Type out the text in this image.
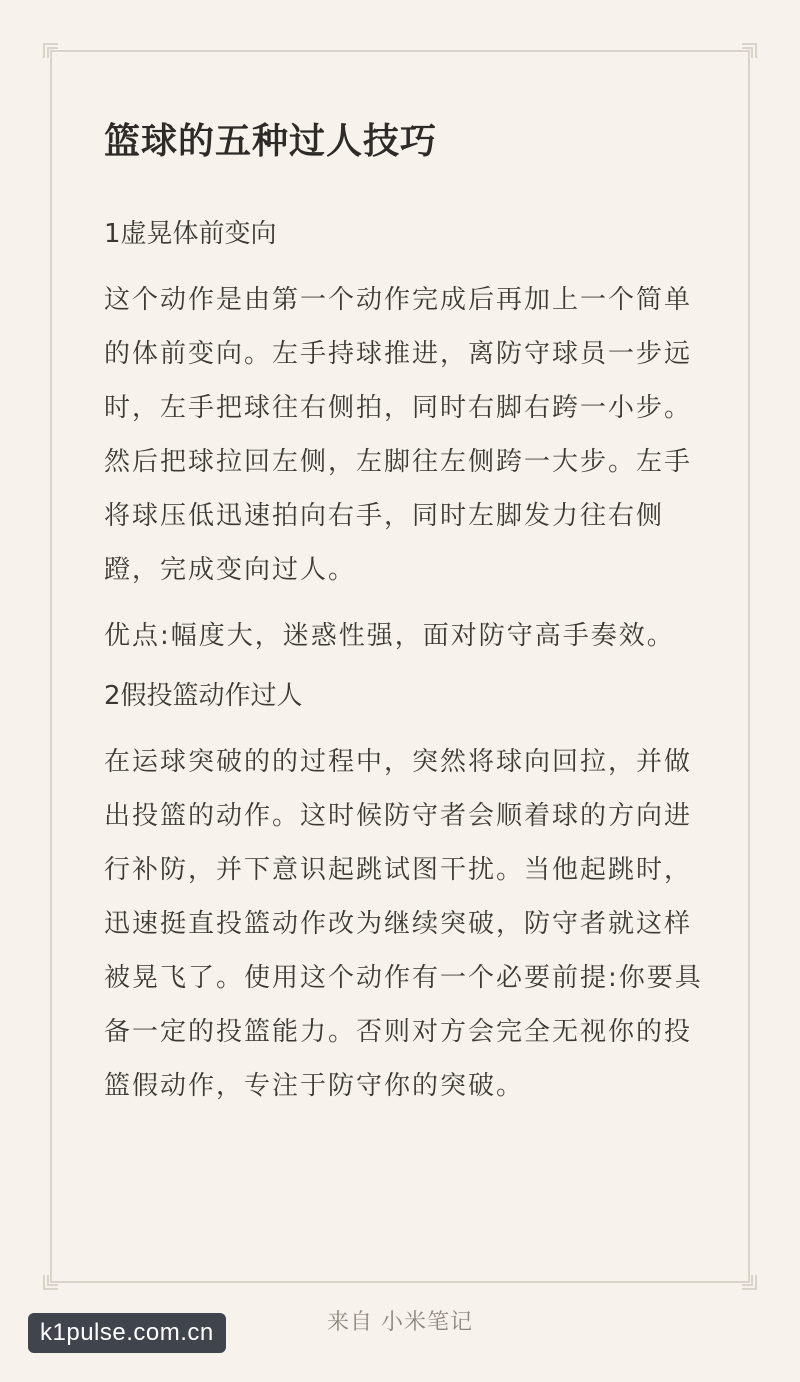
篮球的五种过人技巧
1虚晃体前变向

这个动作是由第一个动作完成后再加上一个简单的体前变向。左手持球推进，离防守球员一步远时，左手把球往右侧拍，同时右脚右跨一小步。然后把球拉回左侧，左脚往左侧跨一大步。左手将球压低迅速拍向右手，同时左脚发力往右侧蹬，完成变向过人。

优点:幅度大，迷惑性强，面对防守高手奏效。

2假投篮动作过人

在运球突破的的过程中，突然将球向回拉，并做出投篮的动作。这时候防守者会顺着球的方向进行补防，并下意识起跳试图干扰。当他起跳时，迅速挺直投篮动作改为继续突破，防守者就这样被晃飞了。使用这个动作有一个必要前提:你要具备一定的投篮能力。否则对方会完全无视你的投篮假动作，专注于防守你的突破。

来自 小米笔记
k1pulse.com.cn
